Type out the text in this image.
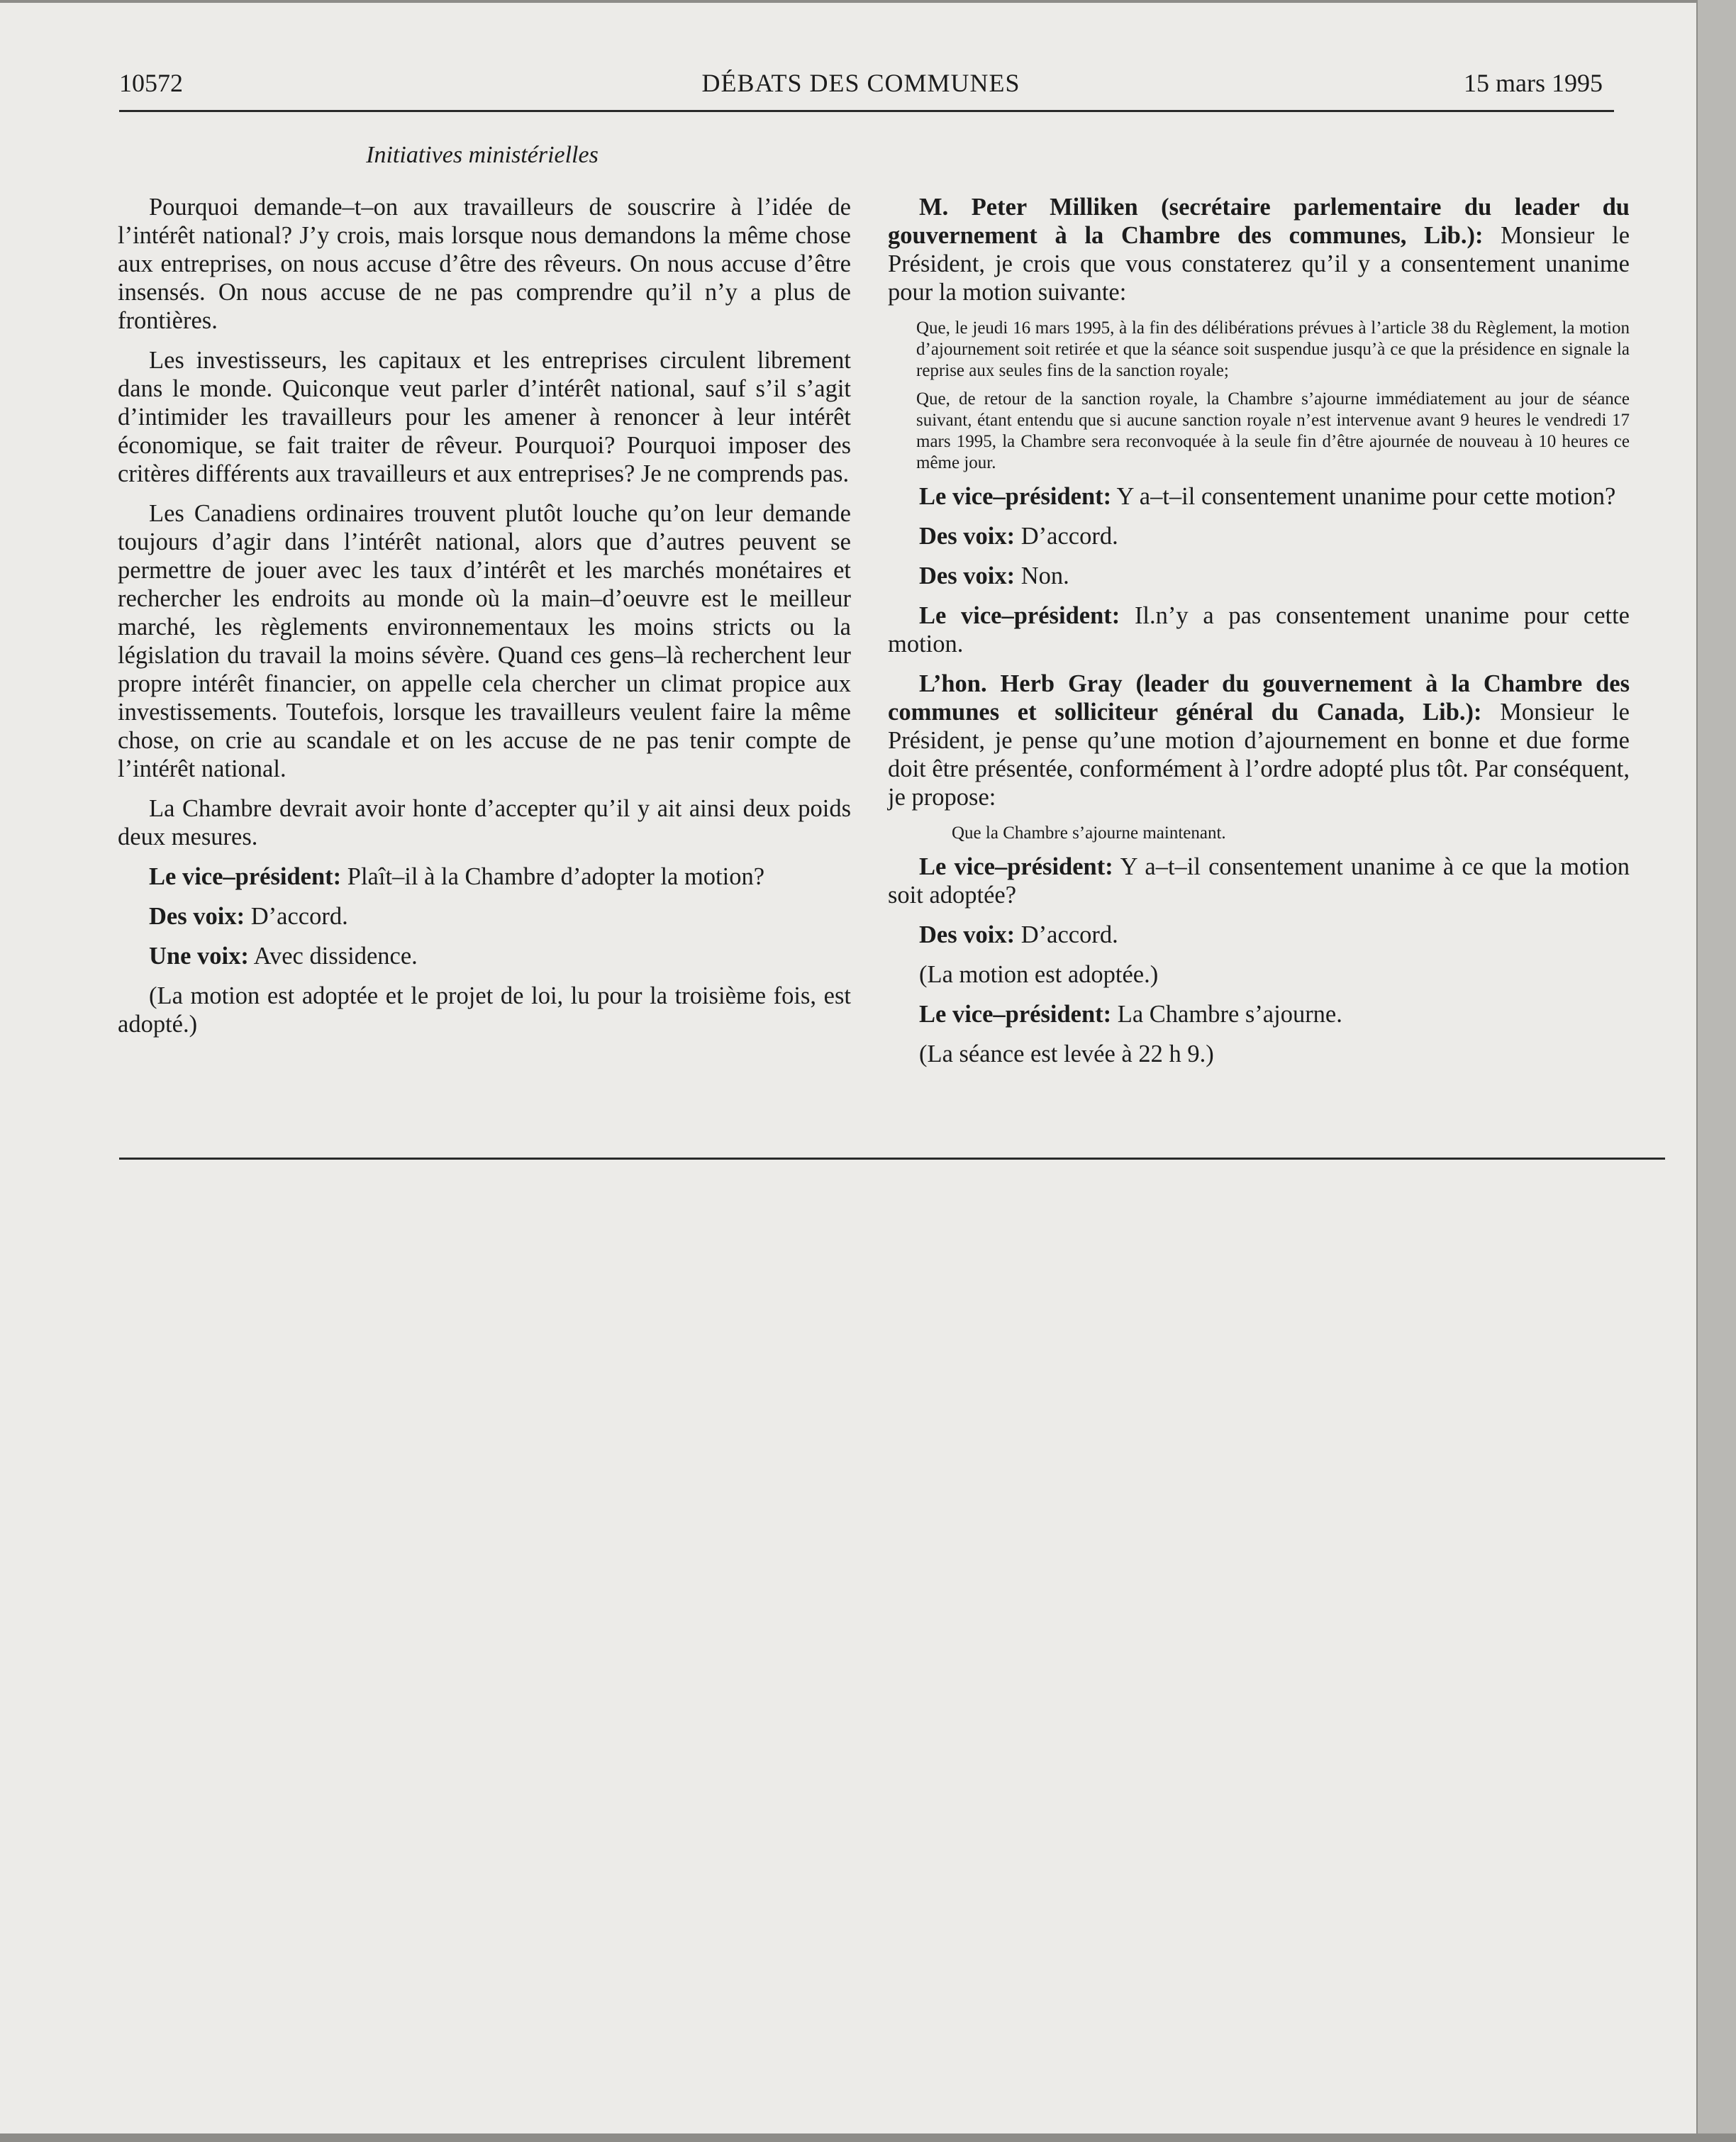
10572	DÉBATS DES COMMUNES	15 mars 1995
Initiatives ministérielles

Pourquoi demande–t–on aux travailleurs de souscrire à l’idée de l’intérêt national? J’y crois, mais lorsque nous demandons la même chose aux entreprises, on nous accuse d’être des rêveurs. On nous accuse d’être insensés. On nous accuse de ne pas comprendre qu’il n’y a plus de frontières.

Les investisseurs, les capitaux et les entreprises circulent librement dans le monde. Quiconque veut parler d’intérêt national, sauf s’il s’agit d’intimider les travailleurs pour les amener à renoncer à leur intérêt économique, se fait traiter de rêveur. Pourquoi? Pourquoi imposer des critères différents aux travailleurs et aux entreprises? Je ne comprends pas.

Les Canadiens ordinaires trouvent plutôt louche qu’on leur demande toujours d’agir dans l’intérêt national, alors que d’autres peuvent se permettre de jouer avec les taux d’intérêt et les marchés monétaires et rechercher les endroits au monde où la main–d’oeuvre est le meilleur marché, les règlements environnementaux les moins stricts ou la législation du travail la moins sévère. Quand ces gens–là recherchent leur propre intérêt financier, on appelle cela chercher un climat propice aux investissements. Toutefois, lorsque les travailleurs veulent faire la même chose, on crie au scandale et on les accuse de ne pas tenir compte de l’intérêt national.

La Chambre devrait avoir honte d’accepter qu’il y ait ainsi deux poids deux mesures.

Le vice–président: Plaît–il à la Chambre d’adopter la motion?

Des voix: D’accord.

Une voix: Avec dissidence.

(La motion est adoptée et le projet de loi, lu pour la troisième fois, est adopté.)

M. Peter Milliken (secrétaire parlementaire du leader du gouvernement à la Chambre des communes, Lib.): Monsieur le Président, je crois que vous constaterez qu’il y a consentement unanime pour la motion suivante:

Que, le jeudi 16 mars 1995, à la fin des délibérations prévues à l’article 38 du Règlement, la motion d’ajournement soit retirée et que la séance soit suspendue jusqu’à ce que la présidence en signale la reprise aux seules fins de la sanction royale;

Que, de retour de la sanction royale, la Chambre s’ajourne immédiatement au jour de séance suivant, étant entendu que si aucune sanction royale n’est intervenue avant 9 heures le vendredi 17 mars 1995, la Chambre sera reconvoquée à la seule fin d’être ajournée de nouveau à 10 heures ce même jour.

Le vice–président: Y a–t–il consentement unanime pour cette motion?

Des voix: D’accord.

Des voix: Non.

Le vice–président: Il.n’y a pas consentement unanime pour cette motion.

L’hon. Herb Gray (leader du gouvernement à la Chambre des communes et solliciteur général du Canada, Lib.): Monsieur le Président, je pense qu’une motion d’ajournement en bonne et due forme doit être présentée, conformément à l’ordre adopté plus tôt. Par conséquent, je propose:

Que la Chambre s’ajourne maintenant.

Le vice–président: Y a–t–il consentement unanime à ce que la motion soit adoptée?

Des voix: D’accord.

(La motion est adoptée.)

Le vice–président: La Chambre s’ajourne.

(La séance est levée à 22 h 9.)
